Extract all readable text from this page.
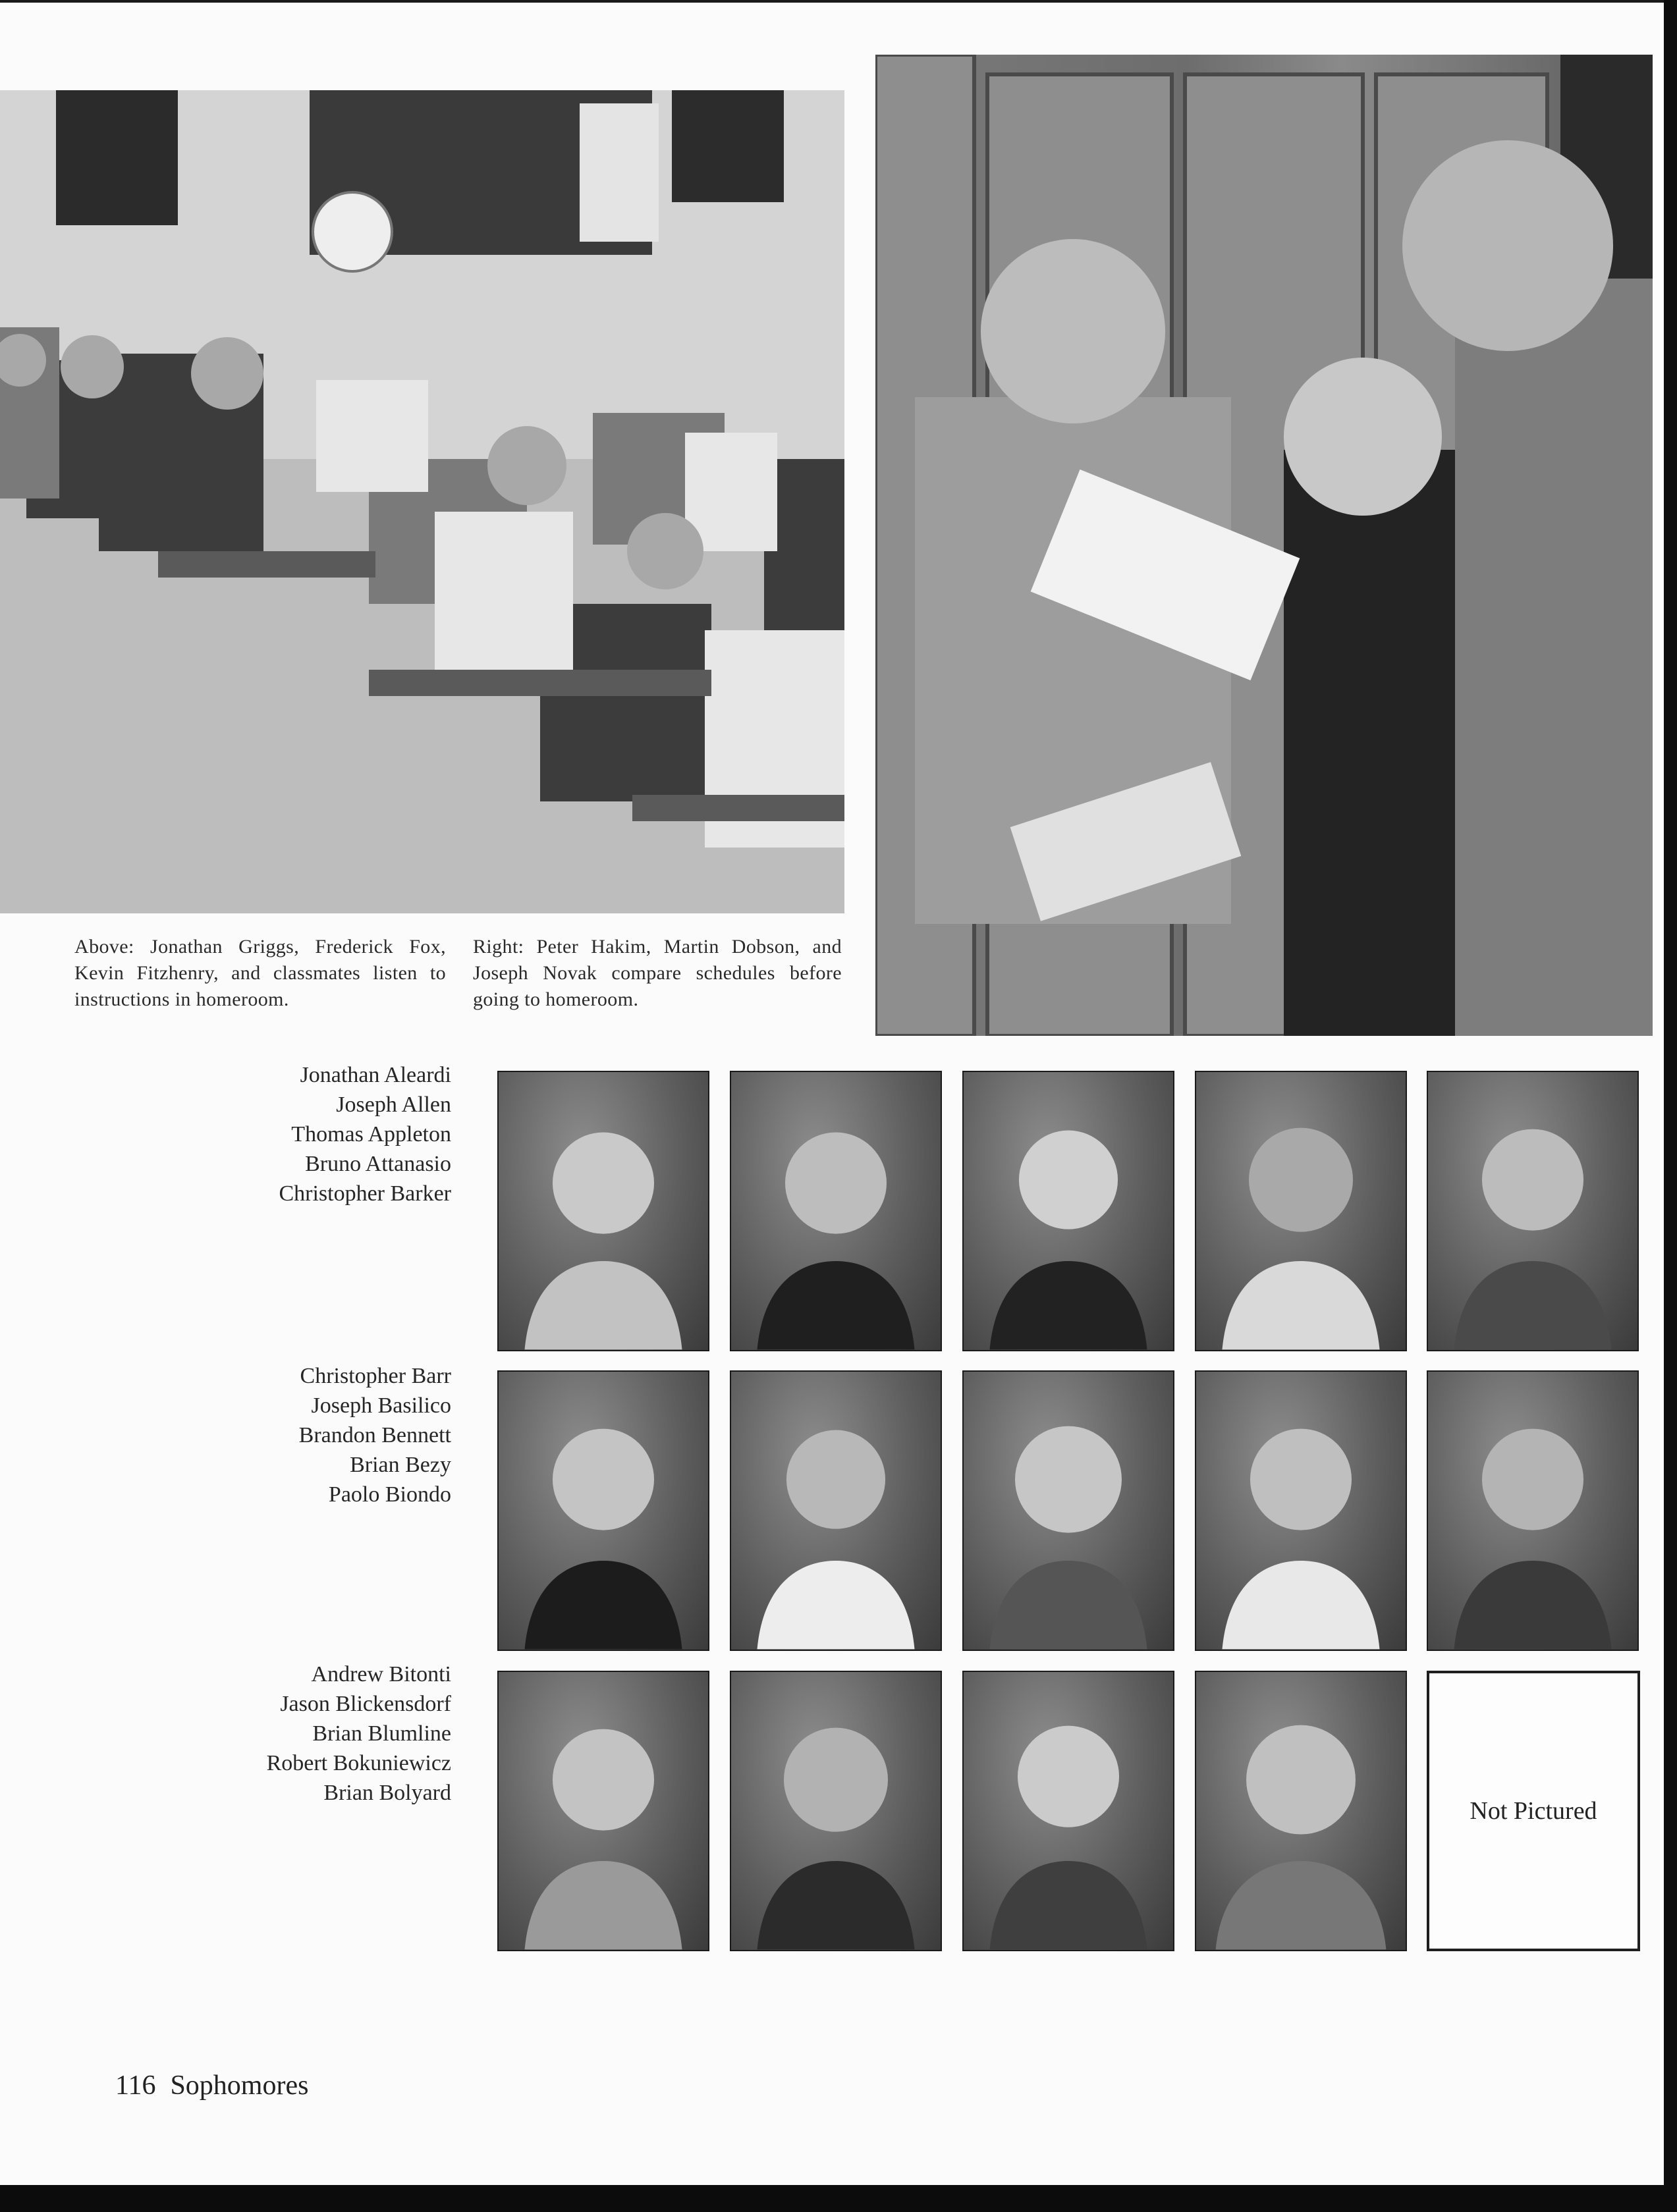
Above: Jonathan Griggs, Frederick Fox, Kevin Fitzhenry, and classmates listen to instructions in homeroom.
Right: Peter Hakim, Martin Dobson, and Joseph Novak compare schedules before going to homeroom.
Jonathan Aleardi
Joseph Allen
Thomas Appleton
Bruno Attanasio
Christopher Barker
Christopher Barr
Joseph Basilico
Brandon Bennett
Brian Bezy
Paolo Biondo
Andrew Bitonti
Jason Blickensdorf
Brian Blumline
Robert Bokuniewicz
Brian Bolyard
Not Pictured
116 Sophomores
